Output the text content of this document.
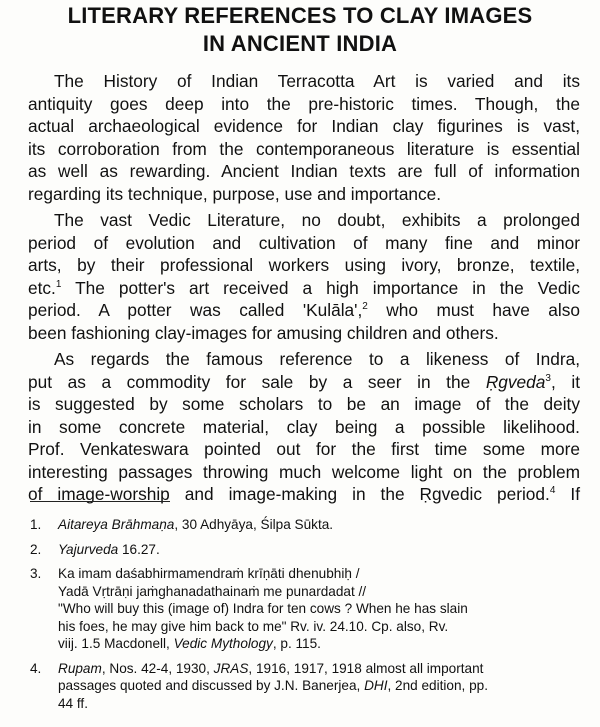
LITERARY REFERENCES TO CLAY IMAGES
IN ANCIENT INDIA
The History of Indian Terracotta Art is varied and its
antiquity goes deep into the pre-historic times. Though, the
actual archaeological evidence for Indian clay figurines is vast,
its corroboration from the contemporaneous literature is essential
as well as rewarding. Ancient Indian texts are full of information
regarding its technique, purpose, use and importance.
The vast Vedic Literature, no doubt, exhibits a prolonged
period of evolution and cultivation of many fine and minor
arts, by their professional workers using ivory, bronze, textile,
etc.$^1$ The potter's art received a high importance in the Vedic
period. A potter was called 'Kulāla',$^2$ who must have also
been fashioning clay-images for amusing children and others.
As regards the famous reference to a likeness of Indra,
put as a commodity for sale by a seer in the Ṛgveda$^3$, it
is suggested by some scholars to be an image of the deity
in some concrete material, clay being a possible likelihood.
Prof. Venkateswara pointed out for the first time some more
interesting passages throwing much welcome light on the problem
of image-worship and image-making in the Ṛgvedic period.$^4$ If
1. Aitareya Brāhmaṇa, 30 Adhyāya, Śilpa Sūkta.
2. Yajurveda 16.27.
3. Ka imam daśabhirmamendraṁ krīṇāti dhenubhiḥ /
Yadā Vṛtrāṇi jaṁghanadathainaṁ me punardadat //
"Who will buy this (image of) Indra for ten cows ? When he has slain
his foes, he may give him back to me" Rv. iv. 24.10. Cp. also, Rv.
viij. 1.5 Macdonell, Vedic Mythology, p. 115.
4. Rupam, Nos. 42-4, 1930, JRAS, 1916, 1917, 1918 almost all important
passages quoted and discussed by J.N. Banerjea, DHI, 2nd edition, pp.
44 ff.
